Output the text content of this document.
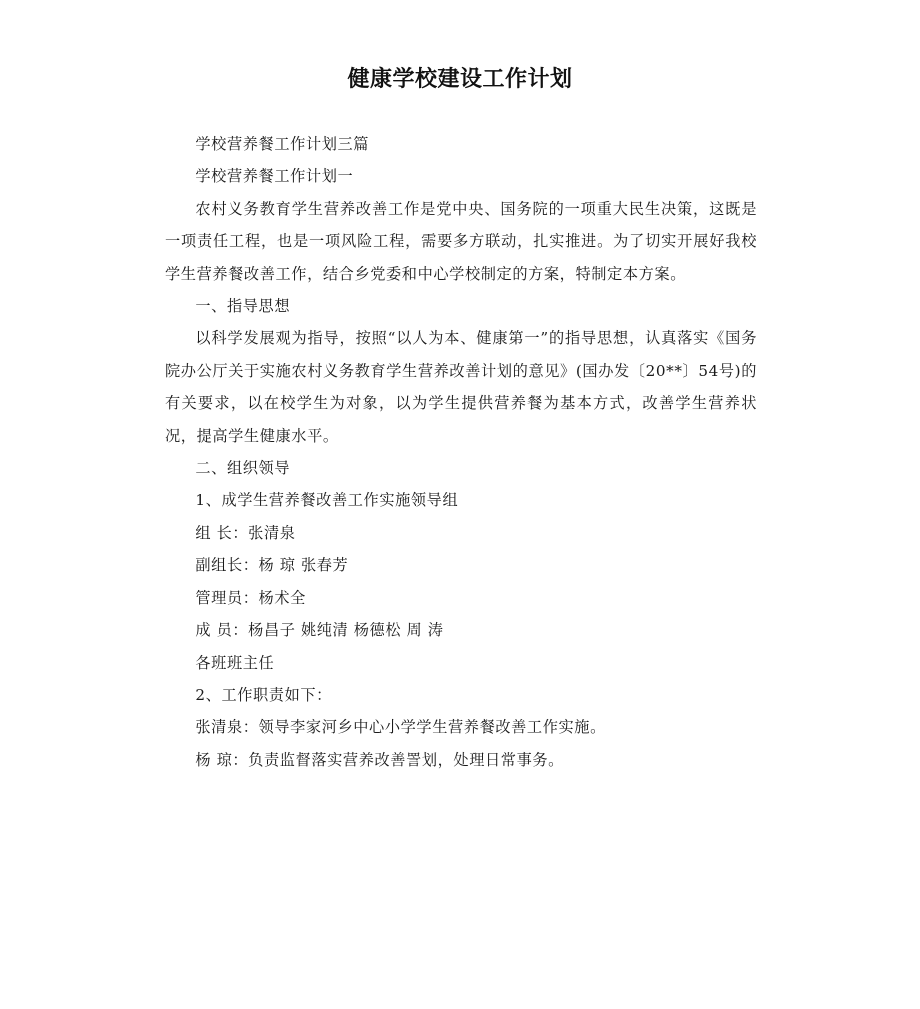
健康学校建设工作计划

学校营养餐工作计划三篇

学校营养餐工作计划一

农村义务教育学生营养改善工作是党中央、国务院的一项重大民生决策，这既是一项责任工程，也是一项风险工程，需要多方联动，扎实推进。为了切实开展好我校学生营养餐改善工作，结合乡党委和中心学校制定的方案，特制定本方案。

一、指导思想

以科学发展观为指导，按照“以人为本、健康第一”的指导思想，认真落实《国务院办公厅关于实施农村义务教育学生营养改善计划的意见》(国办发〔20**〕54号)的有关要求，以在校学生为对象，以为学生提供营养餐为基本方式，改善学生营养状况，提高学生健康水平。

二、组织领导

1、成学生营养餐改善工作实施领导组

组 长：张清泉

副组长：杨 琼 张春芳

管理员：杨术全

成 员：杨昌子 姚纯清 杨德松 周 涛

各班班主任

2、工作职责如下：

张清泉：领导李家河乡中心小学学生营养餐改善工作实施。

杨 琼：负责监督落实营养改善詈划，处理日常事务。
